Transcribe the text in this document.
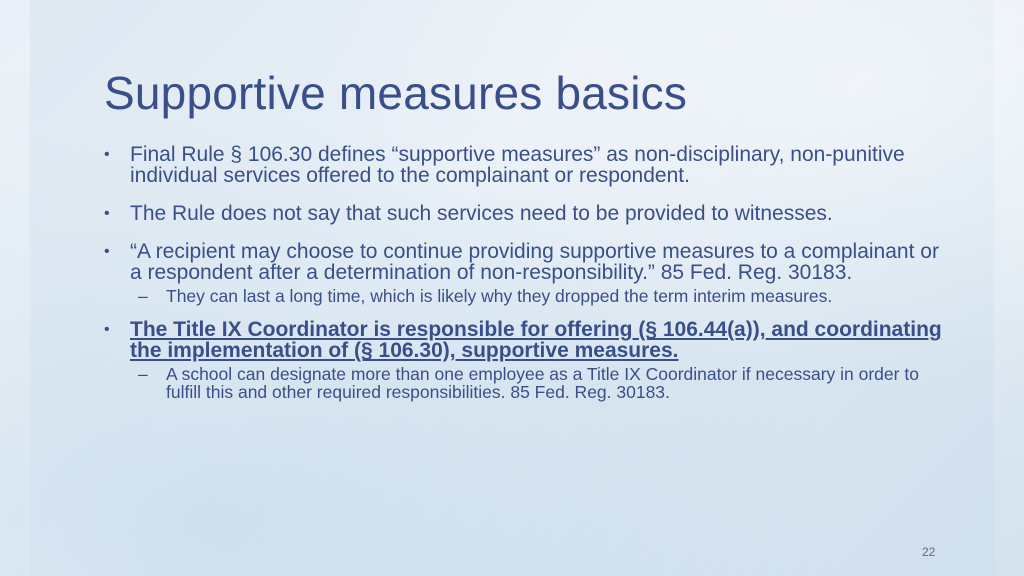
Supportive measures basics
• Final Rule § 106.30 defines “supportive measures” as non-disciplinary, non-punitive individual services offered to the complainant or respondent.
• The Rule does not say that such services need to be provided to witnesses.
• “A recipient may choose to continue providing supportive measures to a complainant or a respondent after a determination of non-responsibility.” 85 Fed. Reg. 30183.
– They can last a long time, which is likely why they dropped the term interim measures.
• The Title IX Coordinator is responsible for offering (§ 106.44(a)), and coordinating the implementation of (§ 106.30), supportive measures.
– A school can designate more than one employee as a Title IX Coordinator if necessary in order to fulfill this and other required responsibilities. 85 Fed. Reg. 30183.
22
